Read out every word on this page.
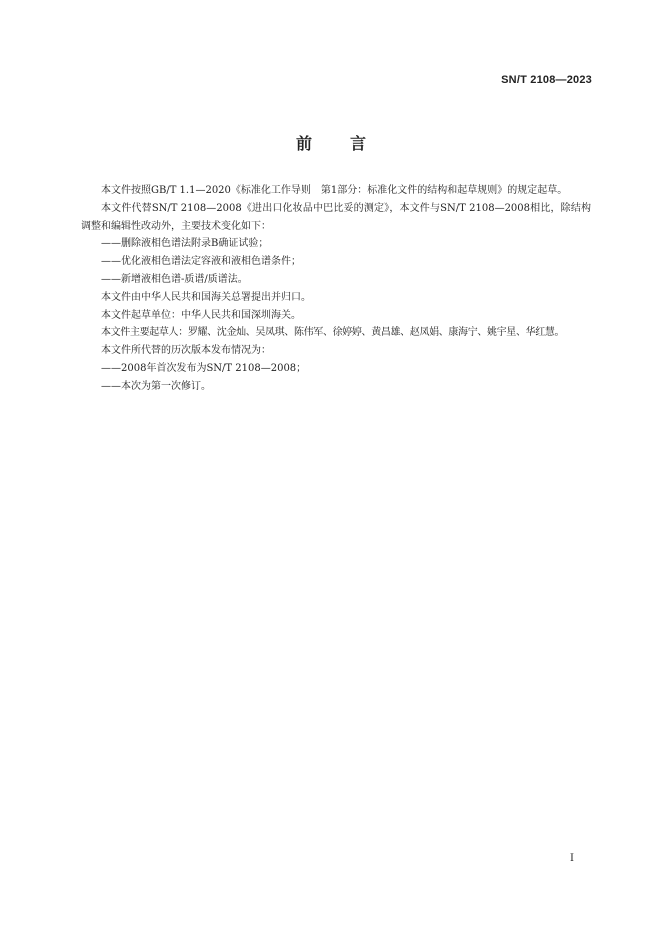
SN/T 2108—2023
前 言

本文件按照GB/T 1.1—2020《标准化工作导则　第1部分：标准化文件的结构和起草规则》的规定起草。

本文件代替SN/T 2108—2008《进出口化妆品中巴比妥的测定》，本文件与SN/T 2108—2008相比，除结构调整和编辑性改动外，主要技术变化如下：

——删除液相色谱法附录B确证试验；

——优化液相色谱法定容液和液相色谱条件；

——新增液相色谱-质谱/质谱法。

本文件由中华人民共和国海关总署提出并归口。

本文件起草单位：中华人民共和国深圳海关。

本文件主要起草人：罗耀、沈金灿、吴凤琪、陈伟军、徐婷婷、黄昌雄、赵凤娟、康海宁、姚宇星、华红慧。

本文件所代替的历次版本发布情况为：

——2008年首次发布为SN/T 2108—2008；

——本次为第一次修订。

I
